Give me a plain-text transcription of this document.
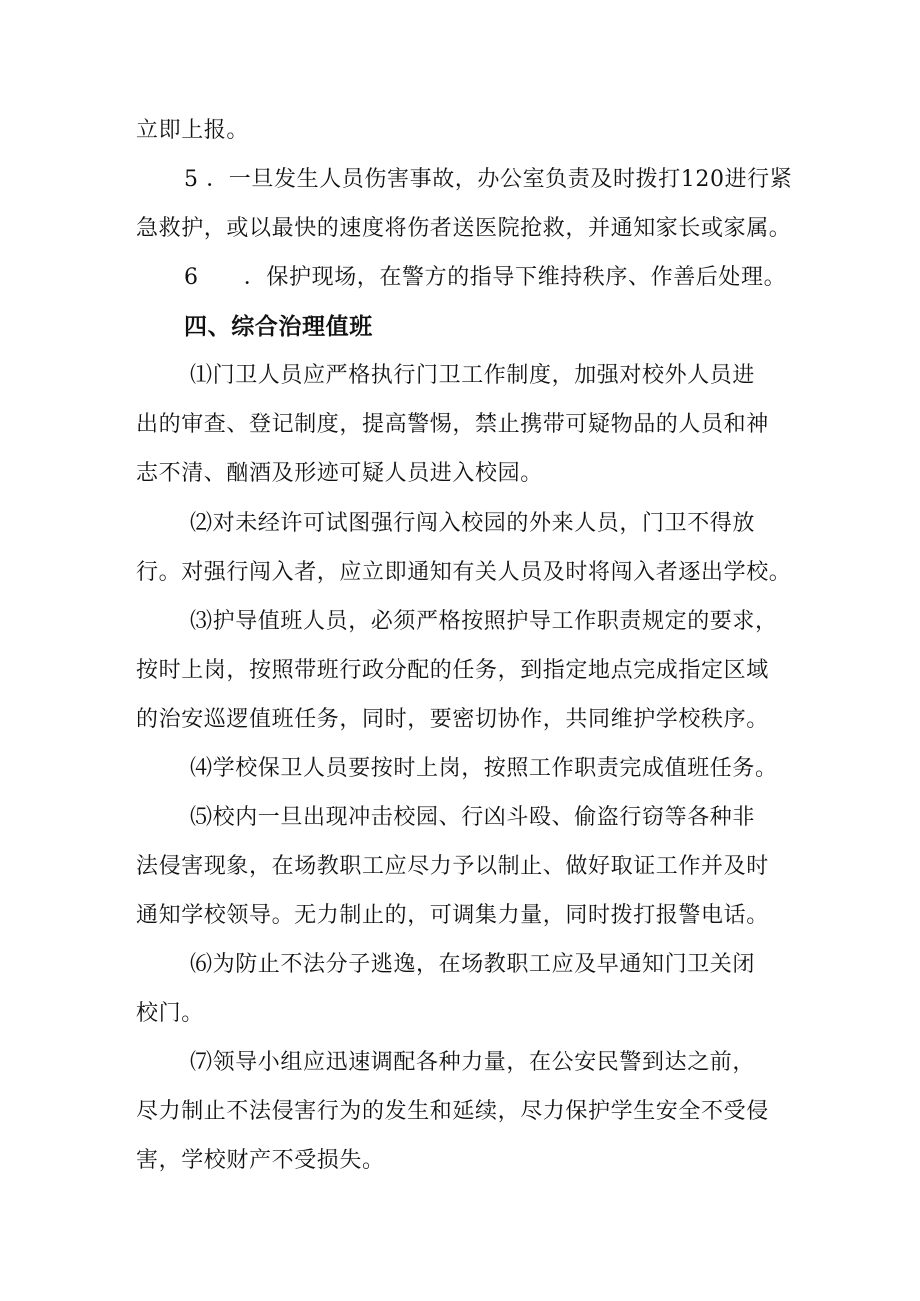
立即上报。
5 ．一旦发生人员伤害事故，办公室负责及时拨打120进行紧
急救护，或以最快的速度将伤者送医院抢救，并通知家长或家属。
6　　．保护现场，在警方的指导下维持秩序、作善后处理。
四、综合治理值班
⑴门卫人员应严格执行门卫工作制度，加强对校外人员进
出的审查、登记制度，提高警惕，禁止携带可疑物品的人员和神
志不清、酗酒及形迹可疑人员进入校园。
⑵对未经许可试图强行闯入校园的外来人员，门卫不得放
行。对强行闯入者，应立即通知有关人员及时将闯入者逐出学校。
⑶护导值班人员，必须严格按照护导工作职责规定的要求，
按时上岗，按照带班行政分配的任务，到指定地点完成指定区域
的治安巡逻值班任务，同时，要密切协作，共同维护学校秩序。
⑷学校保卫人员要按时上岗，按照工作职责完成值班任务。
⑸校内一旦出现冲击校园、行凶斗殴、偷盗行窃等各种非
法侵害现象，在场教职工应尽力予以制止、做好取证工作并及时
通知学校领导。无力制止的，可调集力量，同时拨打报警电话。
⑹为防止不法分子逃逸，在场教职工应及早通知门卫关闭
校门。
⑺领导小组应迅速调配各种力量，在公安民警到达之前，
尽力制止不法侵害行为的发生和延续，尽力保护学生安全不受侵
害，学校财产不受损失。
